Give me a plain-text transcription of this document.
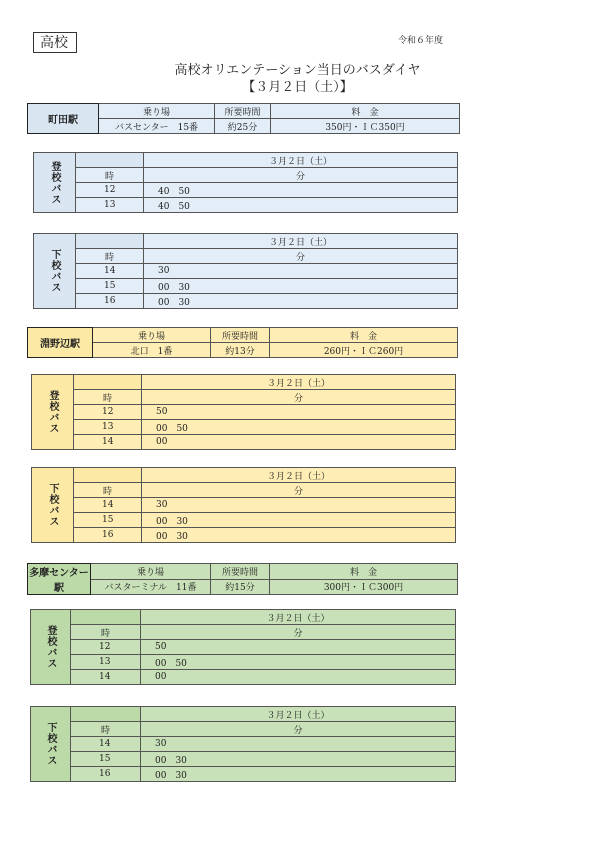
高校	令和６年度
高校オリエンテーション当日のバスダイヤ
【３月２日（土）】
町田駅	乗り場	所要時間	料　金
	バスセンター　15番	約25分	350円・ＩＣ350円
登校バス		３月２日（土）
	時	分
	12	40　50
	13	40　50
下校バス		３月２日（土）
	時	分
	14	30
	15	00　30
	16	00　30
淵野辺駅	乗り場	所要時間	料　金
	北口　1番	約13分	260円・ＩＣ260円
登校バス		３月２日（土）
	時	分
	12	50
	13	00　50
	14	00
下校バス		３月２日（土）
	時	分
	14	30
	15	00　30
	16	00　30
多摩センター駅	乗り場	所要時間	料　金
	バスターミナル　11番	約15分	300円・ＩＣ300円
登校バス		３月２日（土）
	時	分
	12	50
	13	00　50
	14	00
下校バス		３月２日（土）
	時	分
	14	30
	15	00　30
	16	00　30
